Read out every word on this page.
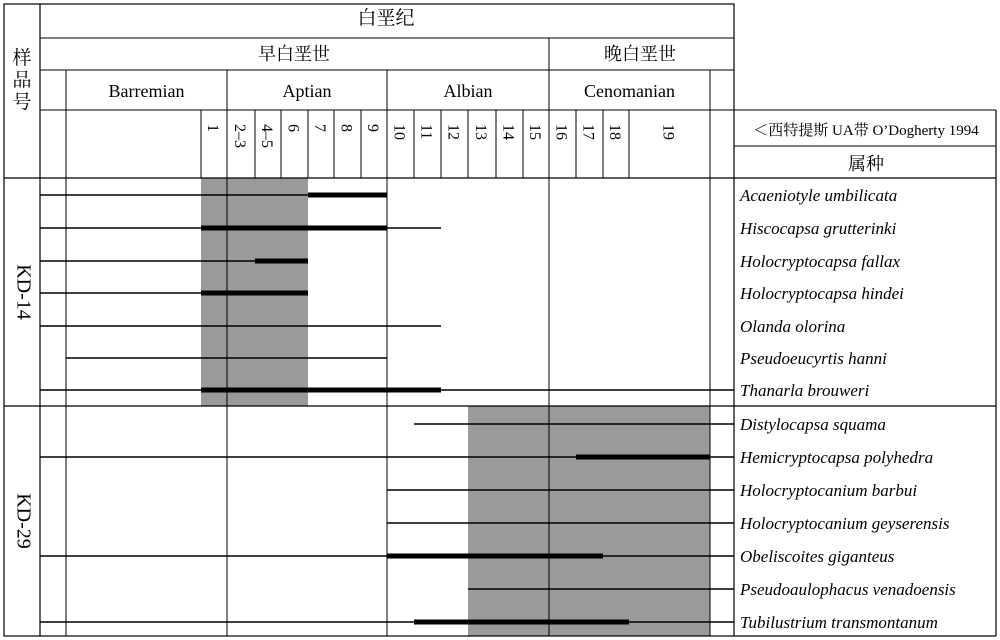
白垩纪
早白垩世	晚白垩世
＜西特提斯 UA带 O’Dogherty 1994
属种
Barremian	Aptian	Albian	Cenomanian
1 2–3 4–5 6 7 8 9 10 11 12 13 14 15 16 17 18 19
样
品
号
KD-14
KD-29
Acaeniotyle umbilicata
Hiscocapsa grutterinki
Holocryptocapsa fallax
Holocryptocapsa hindei
Olanda olorina
Pseudoeucyrtis hanni
Thanarla brouweri
Distylocapsa squama
Hemicryptocapsa polyhedra
Holocryptocanium barbui
Holocryptocanium geyserensis
Obeliscoites giganteus
Pseudoaulophacus venadoensis
Tubilustrium transmontanum
